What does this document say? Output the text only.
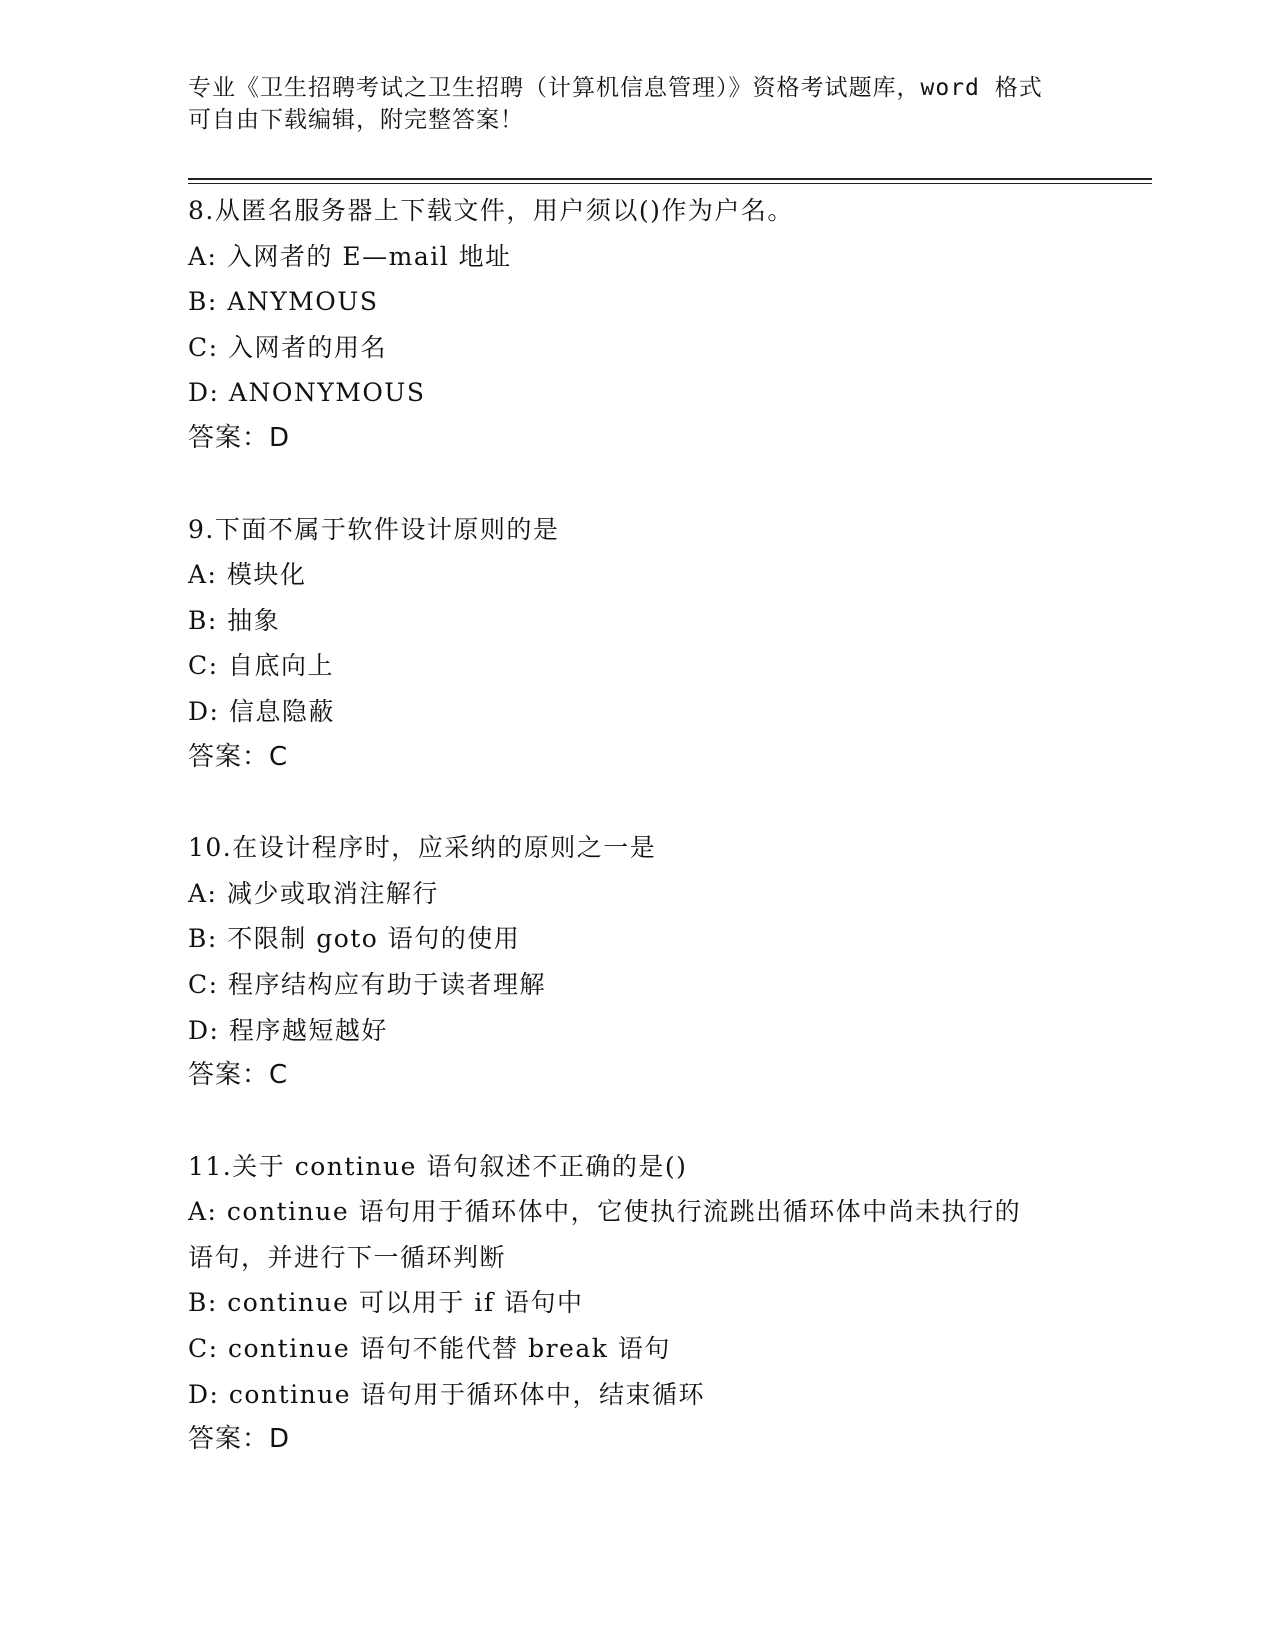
专业《卫生招聘考试之卫生招聘（计算机信息管理）》资格考试题库，word 格式
可自由下载编辑，附完整答案！
8.从匿名服务器上下载文件，用户须以()作为户名。
A: 入网者的 E—mail 地址
B: ANYMOUS
C: 入网者的用名
D: ANONYMOUS
答案：D
9.下面不属于软件设计原则的是
A: 模块化
B: 抽象
C: 自底向上
D: 信息隐蔽
答案：C
10.在设计程序时，应采纳的原则之一是
A: 减少或取消注解行
B: 不限制 goto 语句的使用
C: 程序结构应有助于读者理解
D: 程序越短越好
答案：C
11.关于 continue 语句叙述不正确的是()
A: continue 语句用于循环体中，它使执行流跳出循环体中尚未执行的
语句，并进行下一循环判断
B: continue 可以用于 if 语句中
C: continue 语句不能代替 break 语句
D: continue 语句用于循环体中，结束循环
答案：D
